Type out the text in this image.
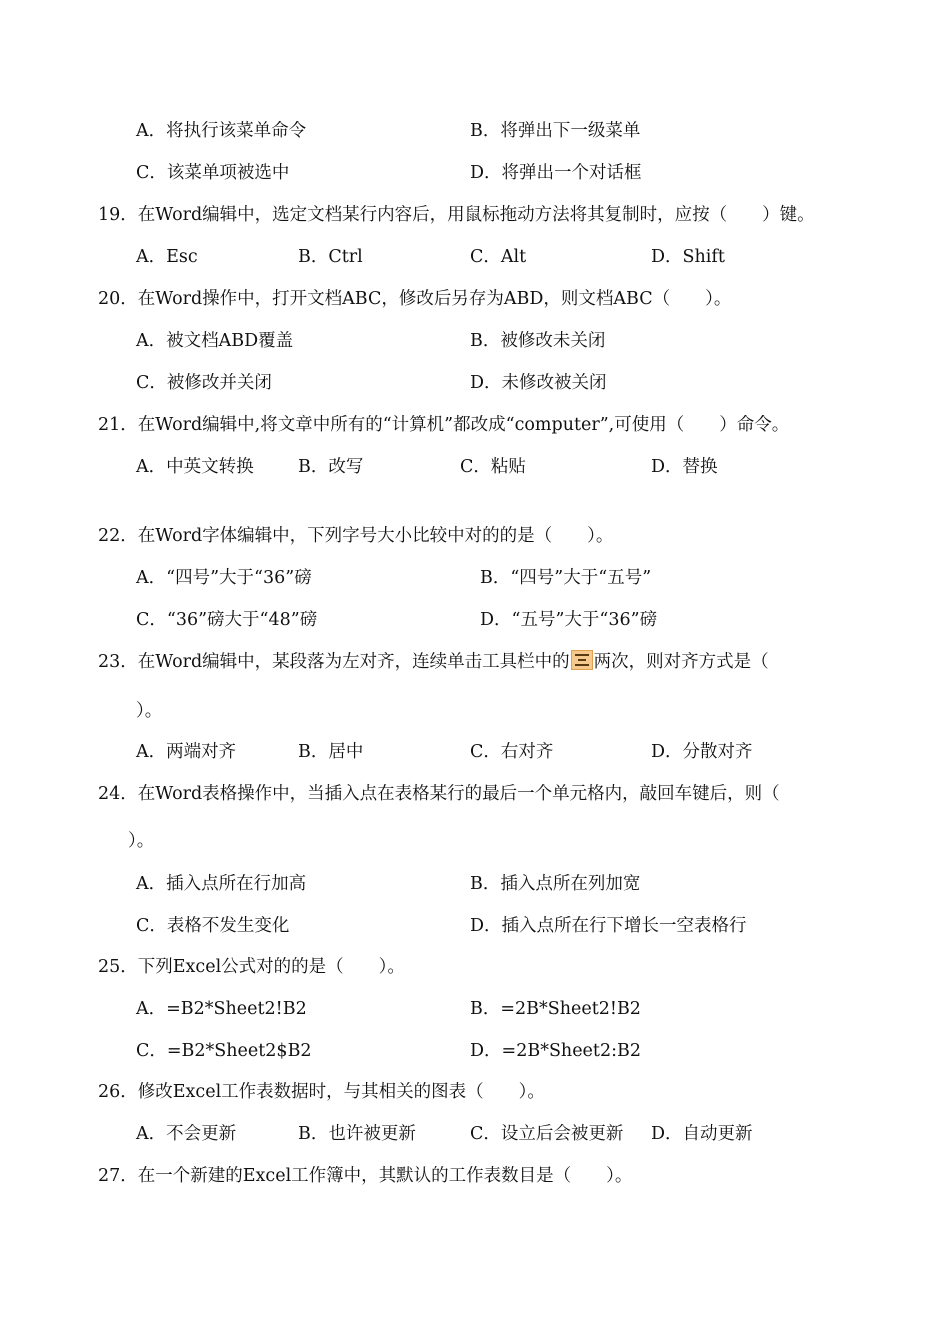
A．将执行该菜单命令	B．将弹出下一级菜单
C．该菜单项被选中	D．将弹出一个对话框
19．在Word编辑中，选定文档某行内容后，用鼠标拖动方法将其复制时，应按（　　）键。
A．Esc	B．Ctrl	C．Alt	D．Shift
20．在Word操作中，打开文档ABC，修改后另存为ABD，则文档ABC（　　）。
A．被文档ABD覆盖	B．被修改未关闭
C．被修改并关闭	D．未修改被关闭
21．在Word编辑中,将文章中所有的“计算机”都改成“computer”,可使用（　　）命令。
A．中英文转换	B．改写	C．粘贴	D．替换
22．在Word字体编辑中，下列字号大小比较中对的的是（　　）。
A．“四号”大于“36”磅	B．“四号”大于“五号”
C．“36”磅大于“48”磅	D．“五号”大于“36”磅
23．在Word编辑中，某段落为左对齐，连续单击工具栏中的 两次，则对齐方式是（
）。
A．两端对齐	B．居中	C．右对齐	D．分散对齐
24．在Word表格操作中，当插入点在表格某行的最后一个单元格内，敲回车键后，则（
）。
A．插入点所在行加高	B．插入点所在列加宽
C．表格不发生变化	D．插入点所在行下增长一空表格行
25．下列Excel公式对的的是（　　）。
A．=B2*Sheet2!B2	B．=2B*Sheet2!B2
C．=B2*Sheet2$B2	D．=2B*Sheet2:B2
26．修改Excel工作表数据时，与其相关的图表（　　）。
A．不会更新	B．也许被更新	C．设立后会被更新 D．自动更新
27．在一个新建的Excel工作簿中，其默认的工作表数目是（　　）。
